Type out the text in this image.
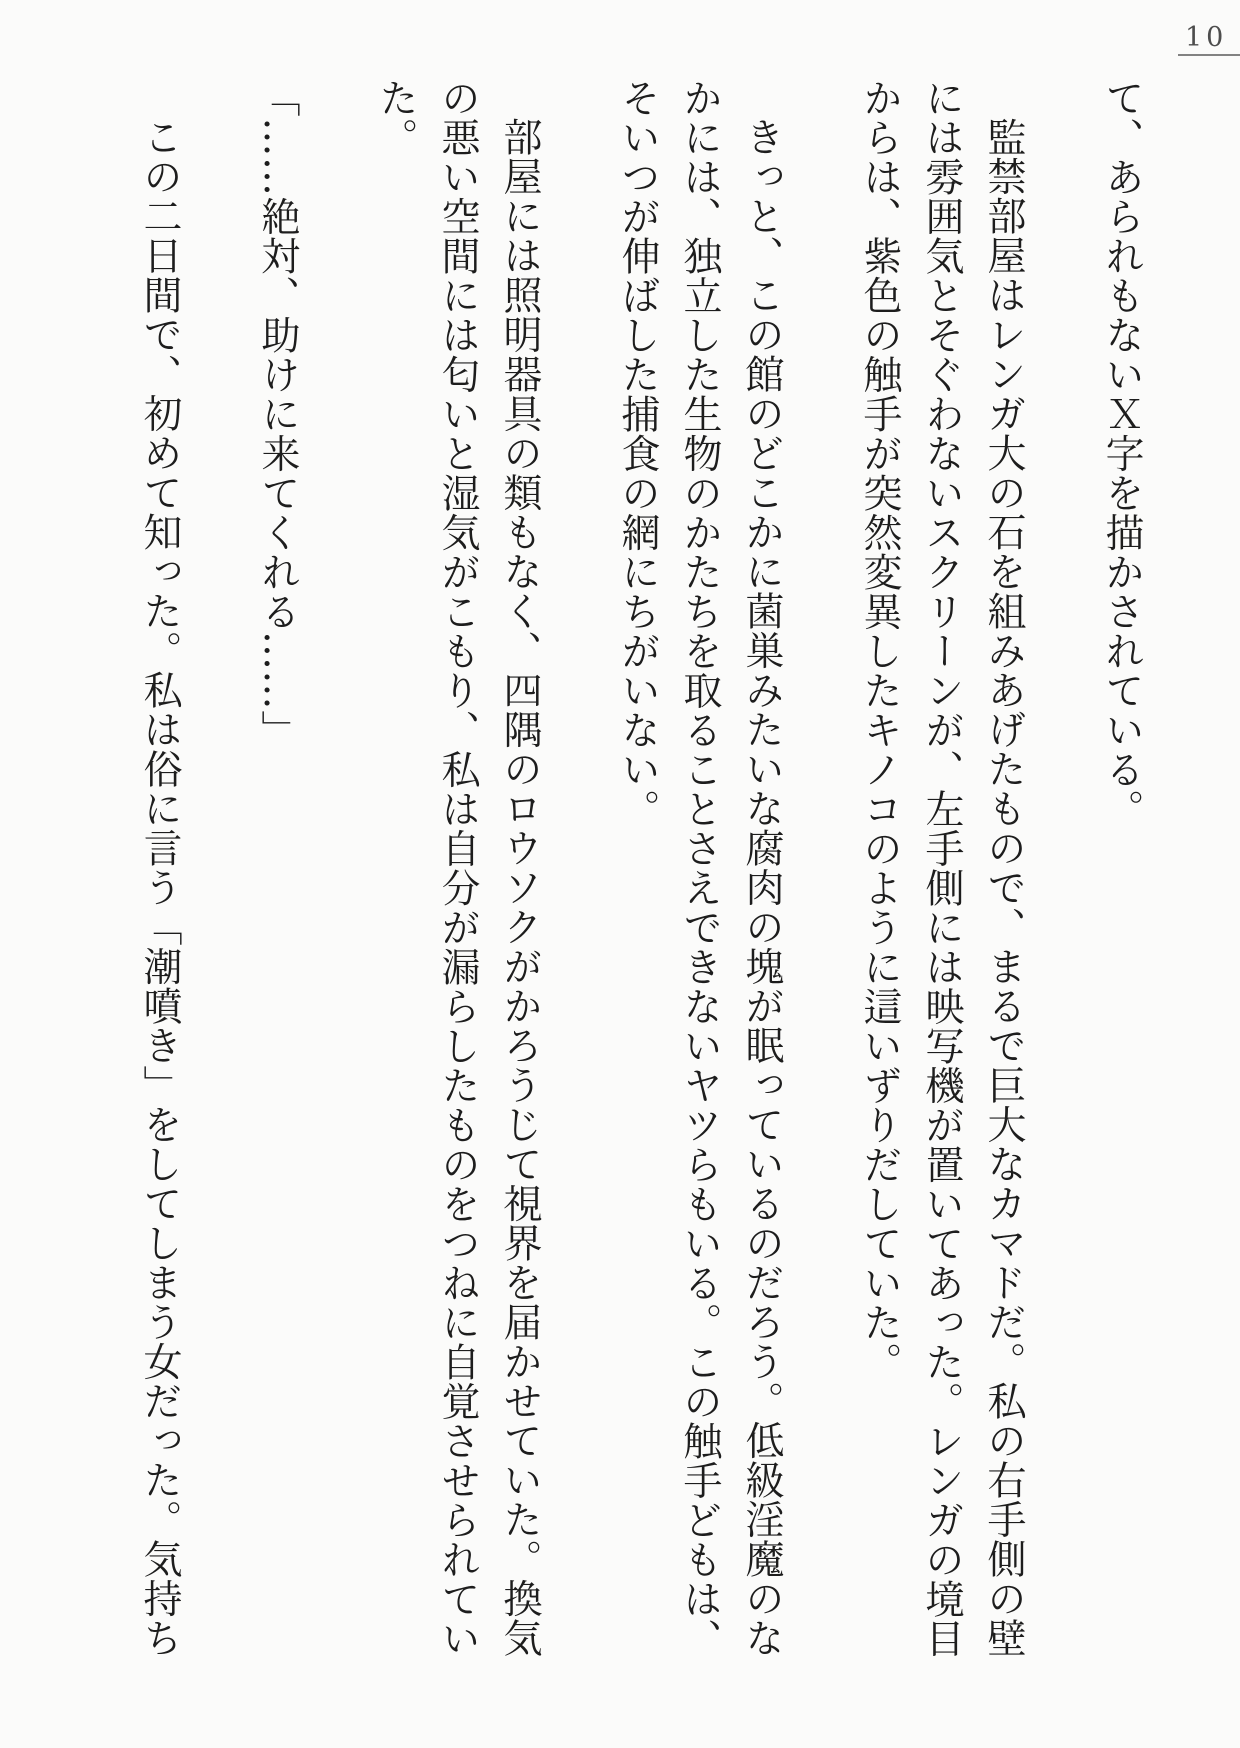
10

て、あられもないＸ字を描かされている。

監禁部屋はレンガ大の石を組みあげたもので、まるで巨大なカマドだ。私の右手側の壁には雰囲気とそぐわないスクリーンが、左手側には映写機が置いてあった。レンガの境目からは、紫色の触手が突然変異したキノコのように這いずりだしていた。

きっと、この館のどこかに菌巣みたいな腐肉の塊が眠っているのだろう。低級淫魔のなかには、独立した生物のかたちを取ることさえできないヤツらもいる。この触手どもは、そいつが伸ばした捕食の網にちがいない。

部屋には照明器具の類もなく、四隅のロウソクがかろうじて視界を届かせていた。換気の悪い空間には匂いと湿気がこもり、私は自分が漏らしたものをつねに自覚させられていた。

「……絶対、助けに来てくれる……」

この二日間で、初めて知った。私は俗に言う「潮噴き」をしてしまう女だった。気持ち
